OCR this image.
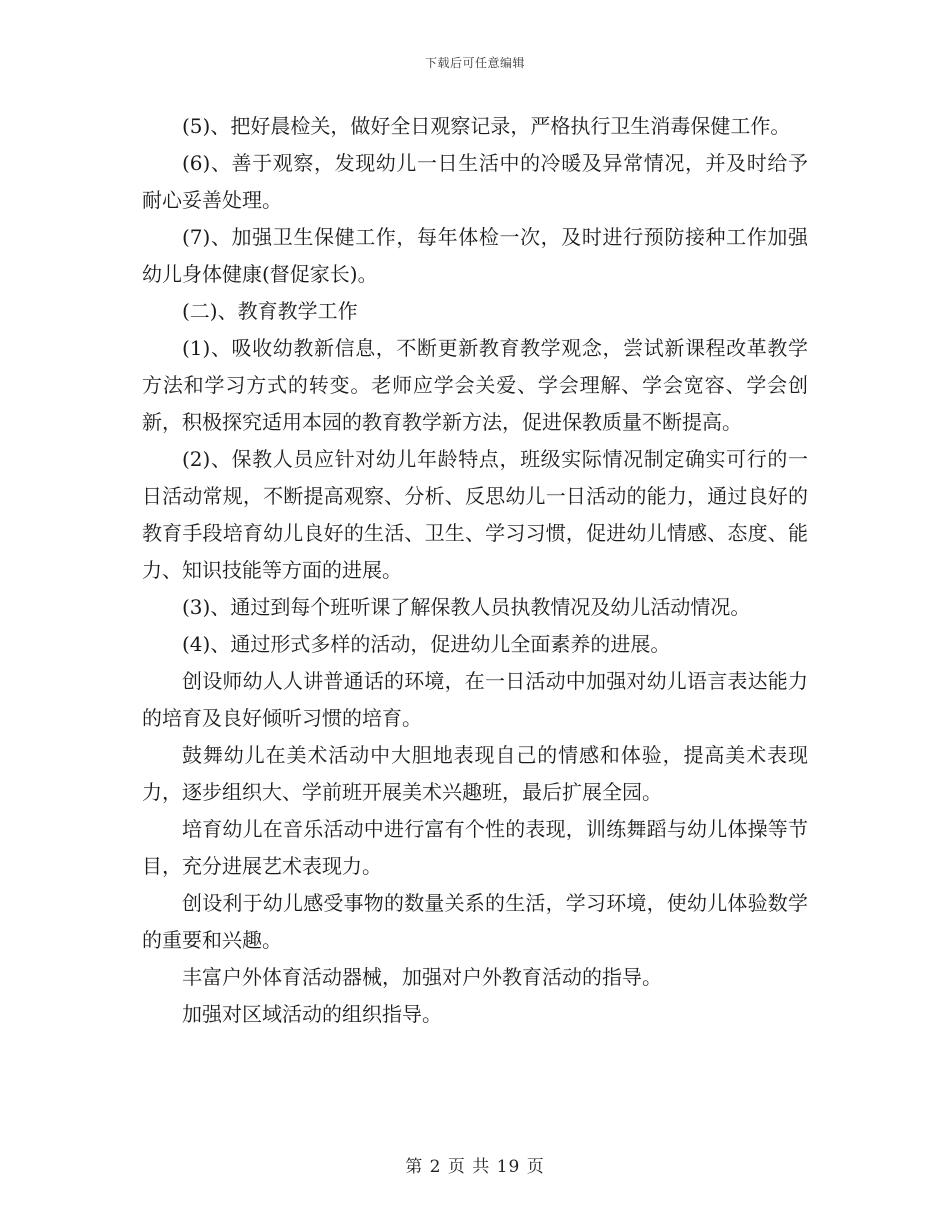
下载后可任意编辑

(5)、把好晨检关，做好全日观察记录，严格执行卫生消毒保健工作。

(6)、善于观察，发现幼儿一日生活中的冷暖及异常情况，并及时给予耐心妥善处理。

(7)、加强卫生保健工作，每年体检一次，及时进行预防接种工作加强幼儿身体健康(督促家长)。

(二)、教育教学工作

(1)、吸收幼教新信息，不断更新教育教学观念，尝试新课程改革教学方法和学习方式的转变。老师应学会关爱、学会理解、学会宽容、学会创新，积极探究适用本园的教育教学新方法，促进保教质量不断提高。

(2)、保教人员应针对幼儿年龄特点，班级实际情况制定确实可行的一日活动常规，不断提高观察、分析、反思幼儿一日活动的能力，通过良好的教育手段培育幼儿良好的生活、卫生、学习习惯，促进幼儿情感、态度、能力、知识技能等方面的进展。

(3)、通过到每个班听课了解保教人员执教情况及幼儿活动情况。

(4)、通过形式多样的活动，促进幼儿全面素养的进展。

创设师幼人人讲普通话的环境，在一日活动中加强对幼儿语言表达能力的培育及良好倾听习惯的培育。

鼓舞幼儿在美术活动中大胆地表现自己的情感和体验，提高美术表现力，逐步组织大、学前班开展美术兴趣班，最后扩展全园。

培育幼儿在音乐活动中进行富有个性的表现，训练舞蹈与幼儿体操等节目，充分进展艺术表现力。

创设利于幼儿感受事物的数量关系的生活，学习环境，使幼儿体验数学的重要和兴趣。

丰富户外体育活动器械，加强对户外教育活动的指导。

加强对区域活动的组织指导。

第 2 页 共 19 页
